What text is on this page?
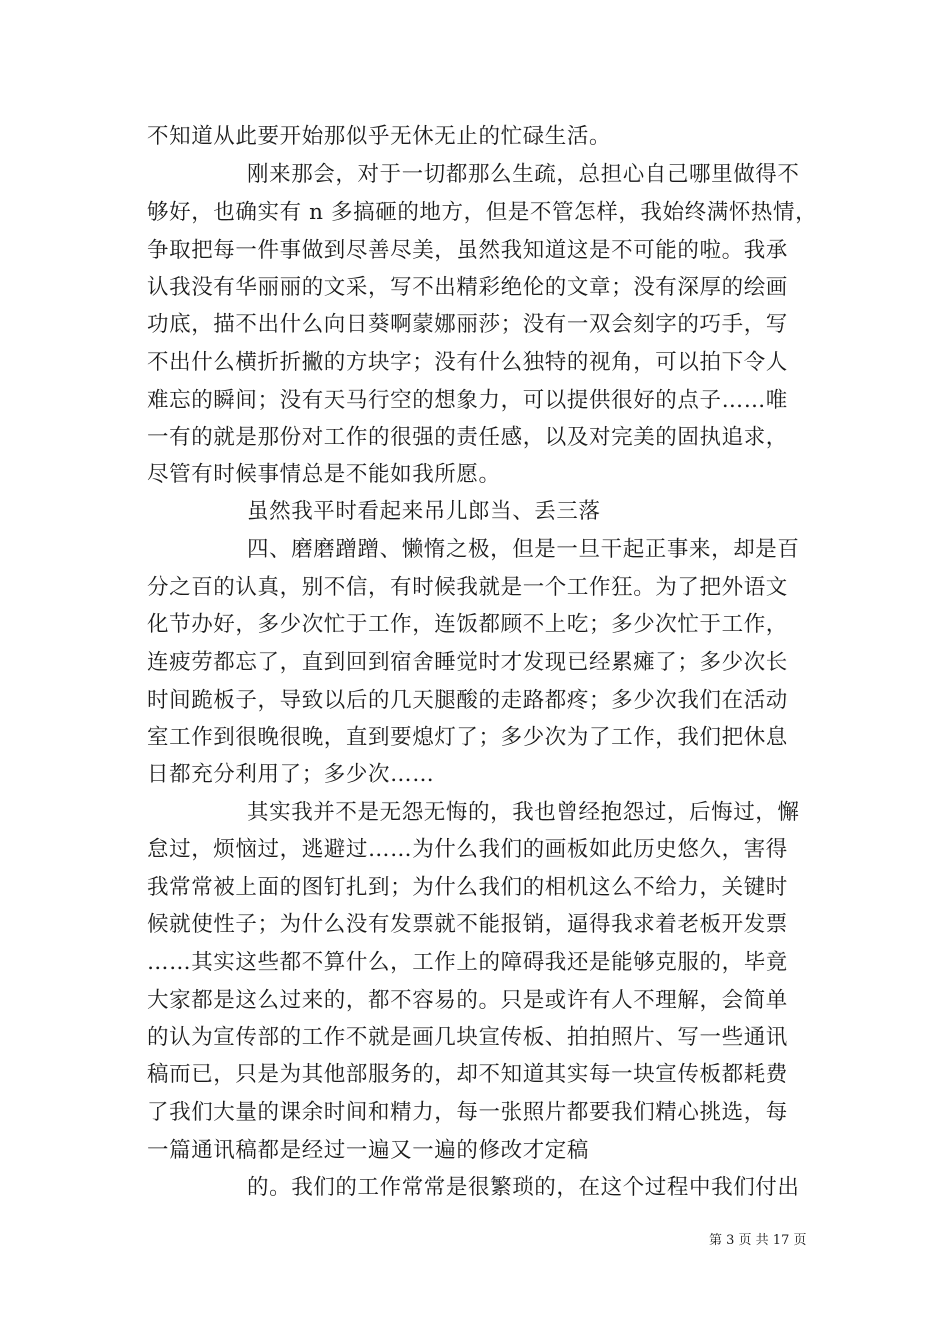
不知道从此要开始那似乎无休无止的忙碌生活。
刚来那会，对于一切都那么生疏，总担心自己哪里做得不
够好，也确实有 n 多搞砸的地方，但是不管怎样，我始终满怀热情，
争取把每一件事做到尽善尽美，虽然我知道这是不可能的啦。我承
认我没有华丽丽的文采，写不出精彩绝伦的文章；没有深厚的绘画
功底，描不出什么向日葵啊蒙娜丽莎；没有一双会刻字的巧手，写
不出什么横折折撇的方块字；没有什么独特的视角，可以拍下令人
难忘的瞬间；没有天马行空的想象力，可以提供很好的点子……唯
一有的就是那份对工作的很强的责任感，以及对完美的固执追求，
尽管有时候事情总是不能如我所愿。
虽然我平时看起来吊儿郎当、丢三落
四、磨磨蹭蹭、懒惰之极，但是一旦干起正事来，却是百
分之百的认真，别不信，有时候我就是一个工作狂。为了把外语文
化节办好，多少次忙于工作，连饭都顾不上吃；多少次忙于工作，
连疲劳都忘了，直到回到宿舍睡觉时才发现已经累瘫了；多少次长
时间跪板子，导致以后的几天腿酸的走路都疼；多少次我们在活动
室工作到很晚很晚，直到要熄灯了；多少次为了工作，我们把休息
日都充分利用了；多少次……
其实我并不是无怨无悔的，我也曾经抱怨过，后悔过，懈
怠过，烦恼过，逃避过……为什么我们的画板如此历史悠久，害得
我常常被上面的图钉扎到；为什么我们的相机这么不给力，关键时
候就使性子；为什么没有发票就不能报销，逼得我求着老板开发票
……其实这些都不算什么，工作上的障碍我还是能够克服的，毕竟
大家都是这么过来的，都不容易的。只是或许有人不理解，会简单
的认为宣传部的工作不就是画几块宣传板、拍拍照片、写一些通讯
稿而已，只是为其他部服务的，却不知道其实每一块宣传板都耗费
了我们大量的课余时间和精力，每一张照片都要我们精心挑选，每
一篇通讯稿都是经过一遍又一遍的修改才定稿
的。我们的工作常常是很繁琐的，在这个过程中我们付出
第 3 页 共 17 页
